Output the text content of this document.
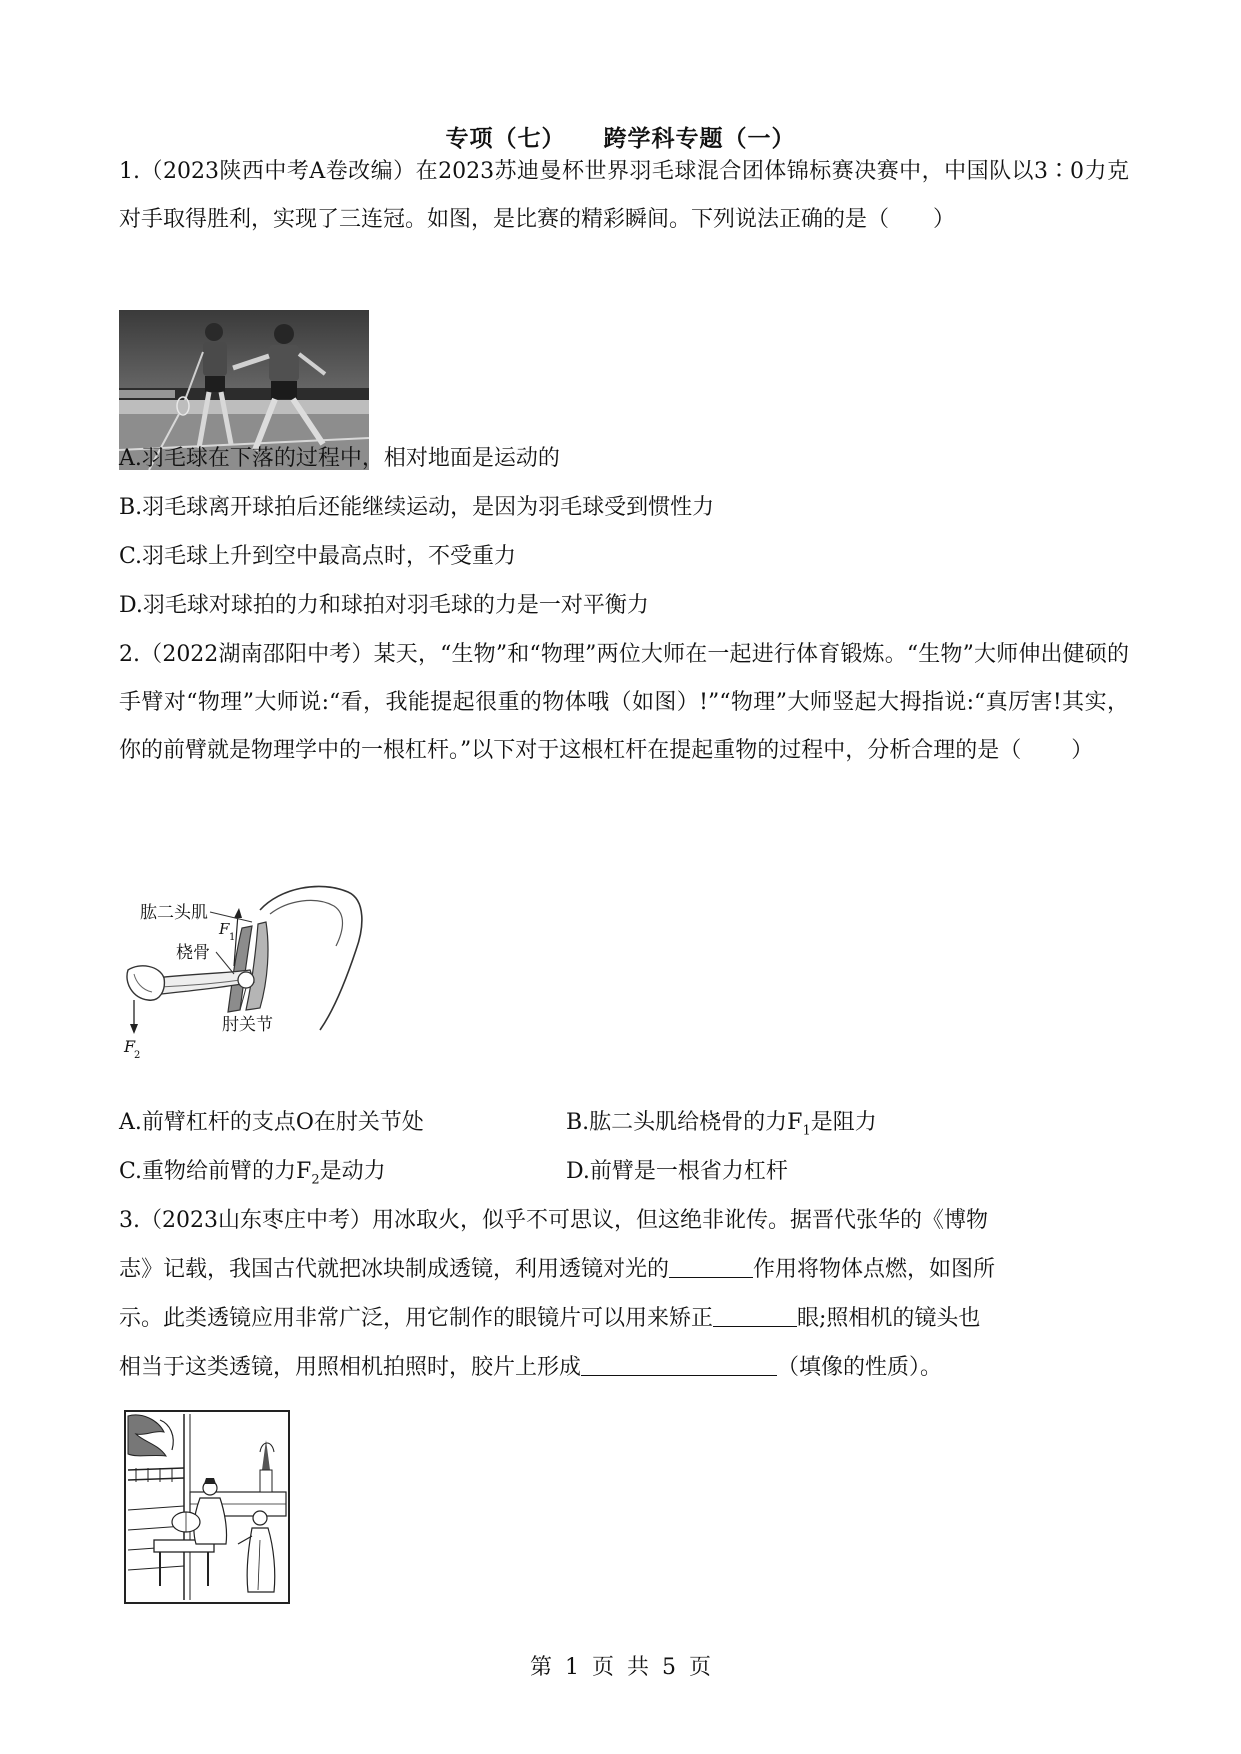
专项（七） 跨学科专题（一）
1.（2023陕西中考A卷改编）在2023苏迪曼杯世界羽毛球混合团体锦标赛决赛中，中国队以3∶0力克对手取得胜利，实现了三连冠。如图，是比赛的精彩瞬间。下列说法正确的是（　　）
A.羽毛球在下落的过程中，相对地面是运动的
B.羽毛球离开球拍后还能继续运动，是因为羽毛球受到惯性力
C.羽毛球上升到空中最高点时，不受重力
D.羽毛球对球拍的力和球拍对羽毛球的力是一对平衡力
2.（2022湖南邵阳中考）某天，“生物”和“物理”两位大师在一起进行体育锻炼。“生物”大师伸出健硕的手臂对“物理”大师说:“看，我能提起很重的物体哦（如图）!”“物理”大师竖起大拇指说:“真厉害!其实，你的前臂就是物理学中的一根杠杆。”以下对于这根杠杆在提起重物的过程中，分析合理的是（ ）
肱二头肌
桡骨
肘关节
F 1
F
2
A.前臂杠杆的支点O在肘关节处	B.肱二头肌给桡骨的力$F_1$是阻力
C.重物给前臂的力$F_2$是动力	D.前臂是一根省力杠杆
3.（2023山东枣庄中考）用冰取火，似乎不可思议，但这绝非讹传。据晋代张华的《博物
志》记载，我国古代就把冰块制成透镜，利用透镜对光的	作用将物体点燃，如图所
示。此类透镜应用非常广泛，用它制作的眼镜片可以用来矫正	眼;照相机的镜头也
相当于这类透镜，用照相机拍照时，胶片上形成	（填像的性质）。
第 1 页 共 5 页
